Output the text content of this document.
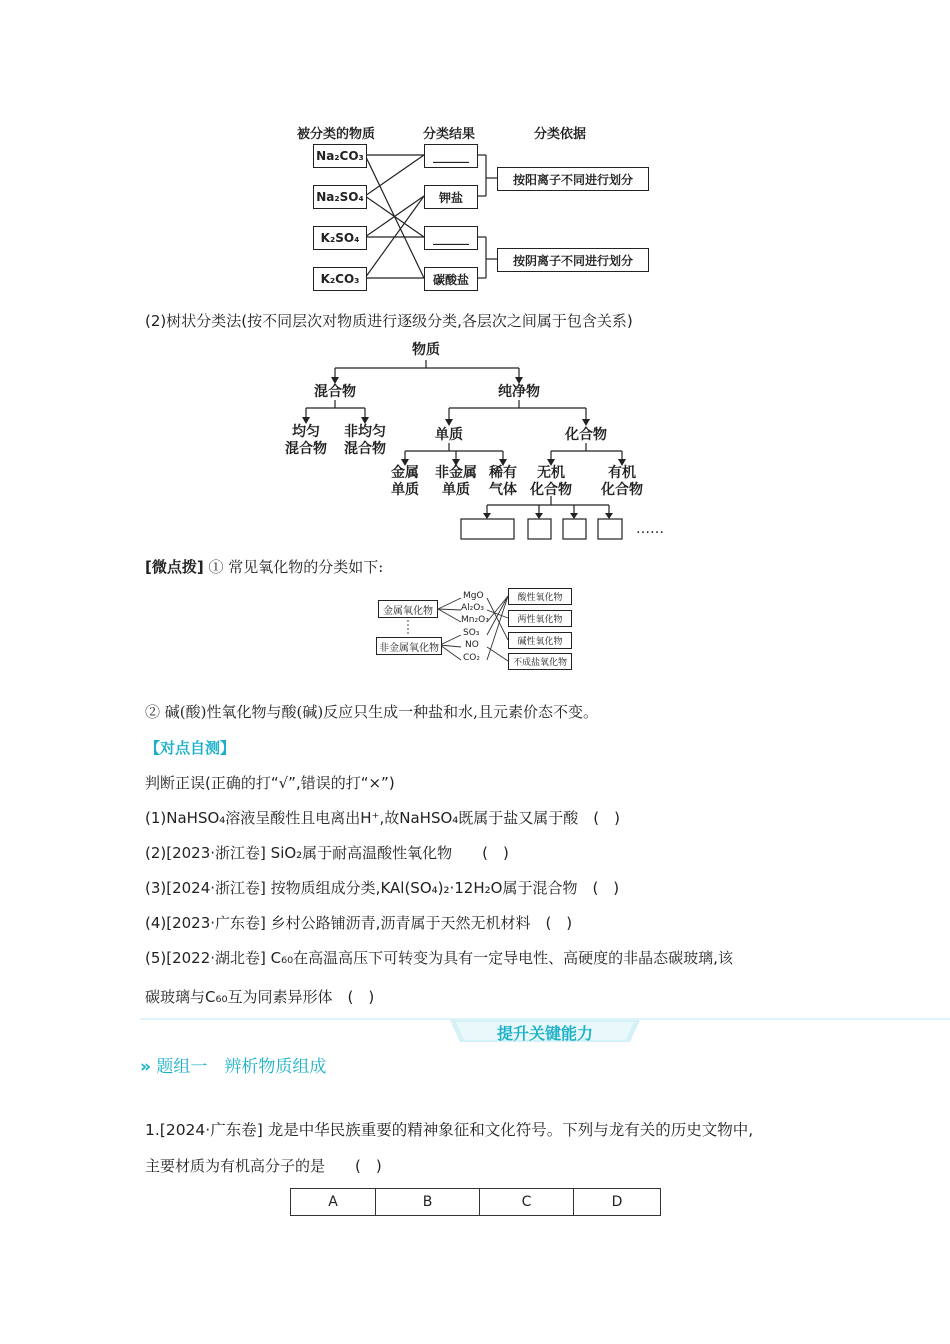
被分类的物质	分类结果	分类依据
Na₂CO₃
Na₂SO₄
K₂SO₄
K₂CO₃
______
钾盐
______
碳酸盐
按阳离子不同进行划分
按阴离子不同进行划分
(2)树状分类法(按不同层次对物质进行逐级分类,各层次之间属于包含关系)
物质
混合物	纯净物
均匀
混合物
非均匀
混合物
单质	化合物
金属
单质
非金属
单质
稀有
气体
无机
化合物
有机
化合物
……
[微点拨] ① 常见氧化物的分类如下:
金属氧化物
非金属氧化物
MgO
Al₂O₃
Mn₂O₇
SO₃
NO
CO₂
酸性氧化物
两性氧化物
碱性氧化物
不成盐氧化物
② 碱(酸)性氧化物与酸(碱)反应只生成一种盐和水,且元素价态不变。
【对点自测】
判断正误(正确的打“√”,错误的打“×”)
(1)NaHSO₄溶液呈酸性且电离出H⁺,故NaHSO₄既属于盐又属于酸　(　)
(2)[2023·浙江卷] SiO₂属于耐高温酸性氧化物　　(　)
(3)[2024·浙江卷] 按物质组成分类,KAl(SO₄)₂·12H₂O属于混合物　(　)
(4)[2023·广东卷] 乡村公路铺沥青,沥青属于天然无机材料　(　)
(5)[2022·湖北卷] C₆₀在高温高压下可转变为具有一定导电性、高硬度的非晶态碳玻璃,该
碳玻璃与C₆₀互为同素异形体　(　)
提升关键能力
» 题组一　辨析物质组成
1.[2024·广东卷] 龙是中华民族重要的精神象征和文化符号。下列与龙有关的历史文物中,
主要材质为有机高分子的是　　(　)
A	B	C	D
